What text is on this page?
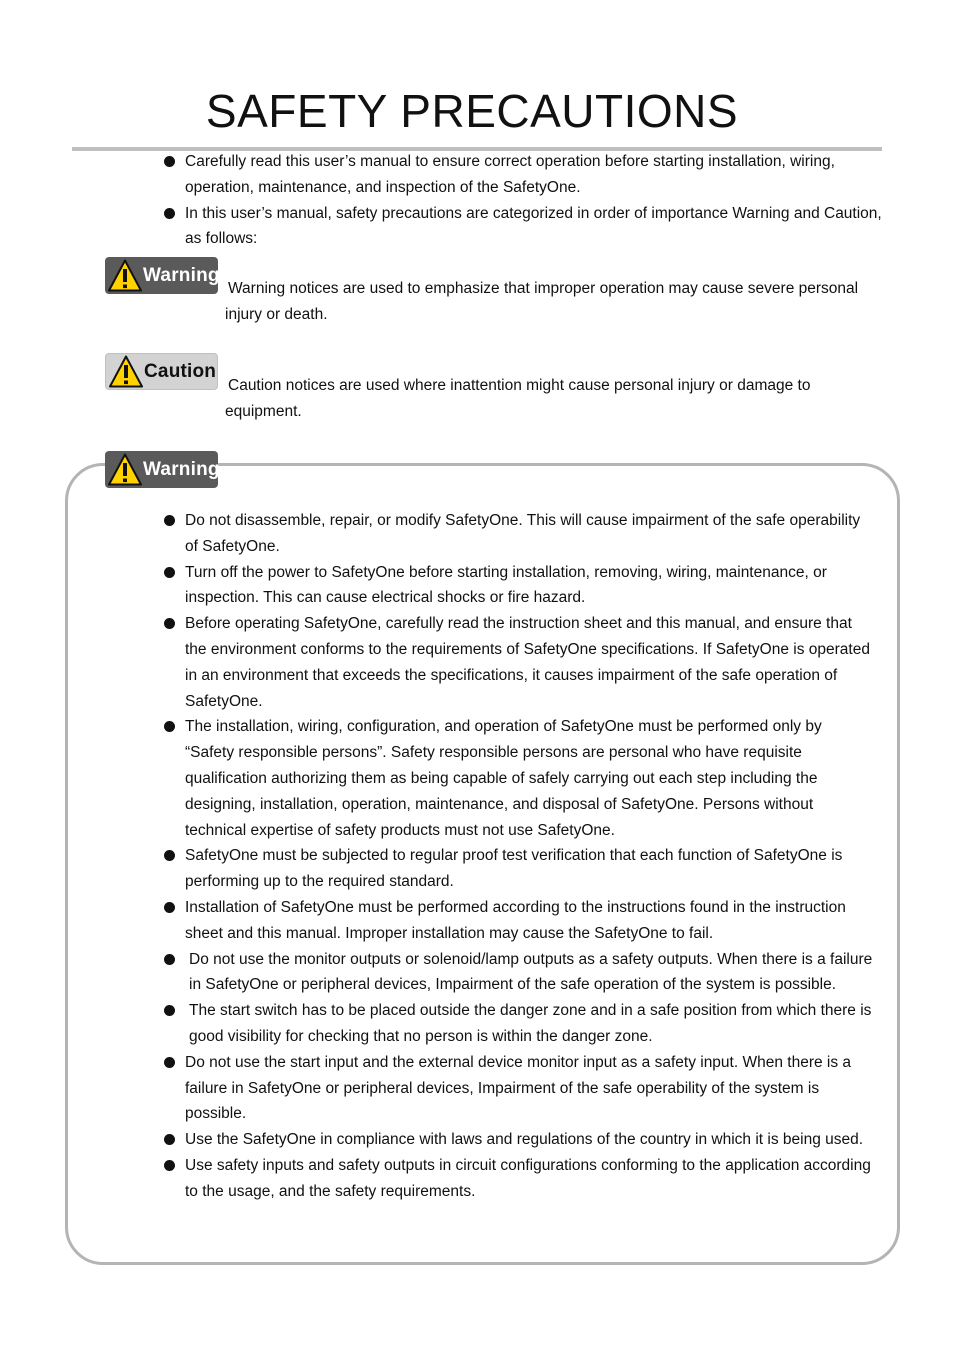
SAFETY PRECAUTIONS
Carefully read this user’s manual to ensure correct operation before starting installation, wiring, operation, maintenance, and inspection of the SafetyOne.
In this user’s manual, safety precautions are categorized in order of importance Warning and Caution, as follows:
Warning
Warning notices are used to emphasize that improper operation may cause severe personal injury or death.
Caution
Caution notices are used where inattention might cause personal injury or damage to equipment.
Warning
Do not disassemble, repair, or modify SafetyOne. This will cause impairment of the safe operability of SafetyOne.
Turn off the power to SafetyOne before starting installation, removing, wiring, maintenance, or inspection. This can cause electrical shocks or fire hazard.
Before operating SafetyOne, carefully read the instruction sheet and this manual, and ensure that the environment conforms to the requirements of SafetyOne specifications. If SafetyOne is operated in an environment that exceeds the specifications, it causes impairment of the safe operation of SafetyOne.
The installation, wiring, configuration, and operation of SafetyOne must be performed only by “Safety responsible persons”. Safety responsible persons are personal who have requisite qualification authorizing them as being capable of safely carrying out each step including the designing, installation, operation, maintenance, and disposal of SafetyOne. Persons without technical expertise of safety products must not use SafetyOne.
SafetyOne must be subjected to regular proof test verification that each function of SafetyOne is performing up to the required standard.
Installation of SafetyOne must be performed according to the instructions found in the instruction sheet and this manual. Improper installation may cause the SafetyOne to fail.
Do not use the monitor outputs or solenoid/lamp outputs as a safety outputs. When there is a failure in SafetyOne or peripheral devices, Impairment of the safe operation of the system is possible.
The start switch has to be placed outside the danger zone and in a safe position from which there is good visibility for checking that no person is within the danger zone.
Do not use the start input and the external device monitor input as a safety input. When there is a failure in SafetyOne or peripheral devices, Impairment of the safe operability of the system is possible.
Use the SafetyOne in compliance with laws and regulations of the country in which it is being used.
Use safety inputs and safety outputs in circuit configurations conforming to the application according to the usage, and the safety requirements.
